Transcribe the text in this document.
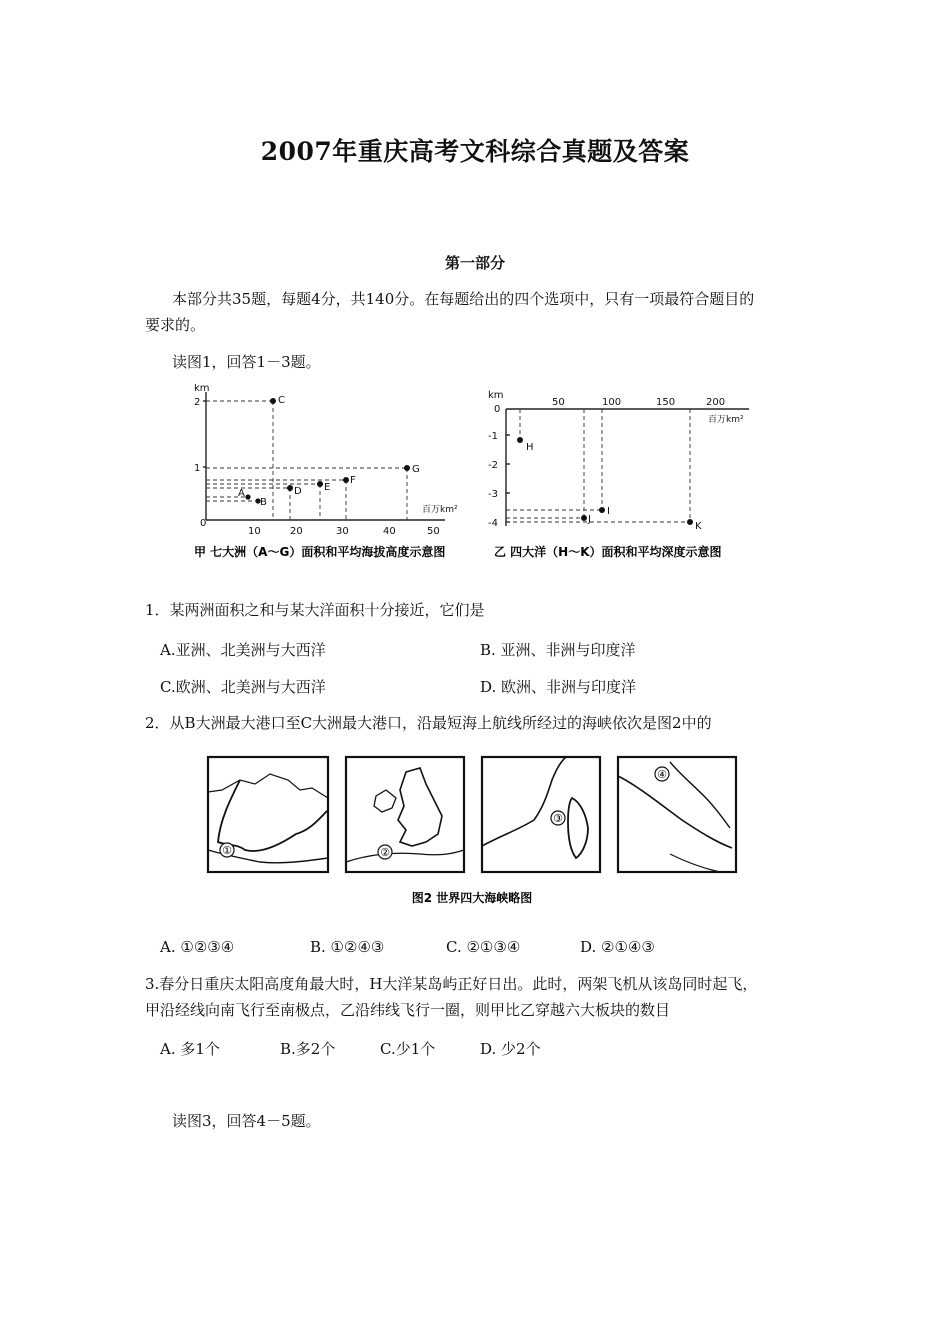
2007年重庆高考文科综合真题及答案
第一部分
本部分共35题，每题4分，共140分。在每题给出的四个选项中，只有一项最符合题目的
要求的。
读图1，回答1－3题。
km
2
1
0
10	20	30	40	50
百万km²
C
G
F
E
D
A
B
甲 七大洲（A～G）面积和平均海拔高度示意图
km
0
-1
-2
-3
-4
50	100	150	200
百万km²
H
I
J
K
乙 四大洋（H～K）面积和平均深度示意图
1．某两洲面积之和与某大洋面积十分接近，它们是
A.亚洲、北美洲与大西洋	B. 亚洲、非洲与印度洋
C.欧洲、北美洲与大西洋	D. 欧洲、非洲与印度洋
2．从B大洲最大港口至C大洲最大港口，沿最短海上航线所经过的海峡依次是图2中的
①	②
③
④
图2 世界四大海峡略图
A. ①②③④	B. ①②④③	C. ②①③④	D. ②①④③
3.春分日重庆太阳高度角最大时，H大洋某岛屿正好日出。此时，两架飞机从该岛同时起飞，
甲沿经线向南飞行至南极点，乙沿纬线飞行一圈，则甲比乙穿越六大板块的数目
A. 多1个	B.多2个	C.少1个	D. 少2个
读图3，回答4－5题。
